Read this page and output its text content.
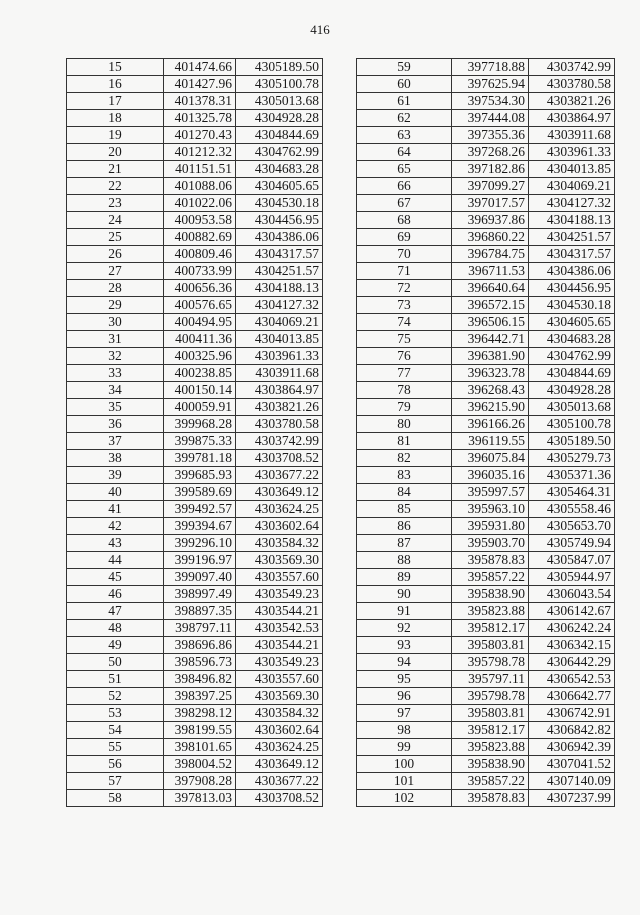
416
15	401474.66	4305189.50
16	401427.96	4305100.78
17	401378.31	4305013.68
18	401325.78	4304928.28
19	401270.43	4304844.69
20	401212.32	4304762.99
21	401151.51	4304683.28
22	401088.06	4304605.65
23	401022.06	4304530.18
24	400953.58	4304456.95
25	400882.69	4304386.06
26	400809.46	4304317.57
27	400733.99	4304251.57
28	400656.36	4304188.13
29	400576.65	4304127.32
30	400494.95	4304069.21
31	400411.36	4304013.85
32	400325.96	4303961.33
33	400238.85	4303911.68
34	400150.14	4303864.97
35	400059.91	4303821.26
36	399968.28	4303780.58
37	399875.33	4303742.99
38	399781.18	4303708.52
39	399685.93	4303677.22
40	399589.69	4303649.12
41	399492.57	4303624.25
42	399394.67	4303602.64
43	399296.10	4303584.32
44	399196.97	4303569.30
45	399097.40	4303557.60
46	398997.49	4303549.23
47	398897.35	4303544.21
48	398797.11	4303542.53
49	398696.86	4303544.21
50	398596.73	4303549.23
51	398496.82	4303557.60
52	398397.25	4303569.30
53	398298.12	4303584.32
54	398199.55	4303602.64
55	398101.65	4303624.25
56	398004.52	4303649.12
57	397908.28	4303677.22
58	397813.03	4303708.52
59	397718.88	4303742.99
60	397625.94	4303780.58
61	397534.30	4303821.26
62	397444.08	4303864.97
63	397355.36	4303911.68
64	397268.26	4303961.33
65	397182.86	4304013.85
66	397099.27	4304069.21
67	397017.57	4304127.32
68	396937.86	4304188.13
69	396860.22	4304251.57
70	396784.75	4304317.57
71	396711.53	4304386.06
72	396640.64	4304456.95
73	396572.15	4304530.18
74	396506.15	4304605.65
75	396442.71	4304683.28
76	396381.90	4304762.99
77	396323.78	4304844.69
78	396268.43	4304928.28
79	396215.90	4305013.68
80	396166.26	4305100.78
81	396119.55	4305189.50
82	396075.84	4305279.73
83	396035.16	4305371.36
84	395997.57	4305464.31
85	395963.10	4305558.46
86	395931.80	4305653.70
87	395903.70	4305749.94
88	395878.83	4305847.07
89	395857.22	4305944.97
90	395838.90	4306043.54
91	395823.88	4306142.67
92	395812.17	4306242.24
93	395803.81	4306342.15
94	395798.78	4306442.29
95	395797.11	4306542.53
96	395798.78	4306642.77
97	395803.81	4306742.91
98	395812.17	4306842.82
99	395823.88	4306942.39
100	395838.90	4307041.52
101	395857.22	4307140.09
102	395878.83	4307237.99
